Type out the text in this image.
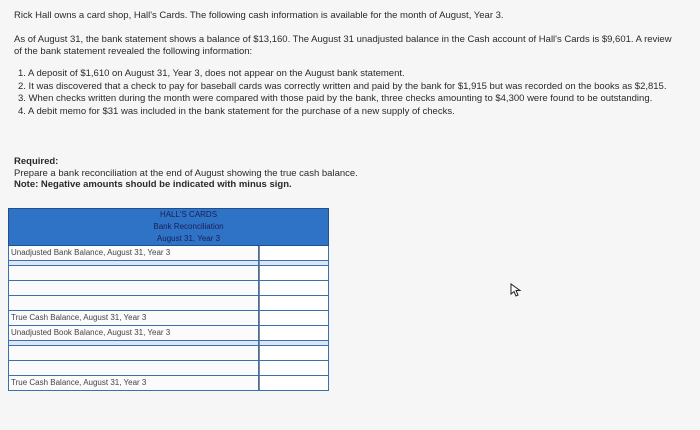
Rick Hall owns a card shop, Hall's Cards. The following cash information is available for the month of August, Year 3.

As of August 31, the bank statement shows a balance of $13,160. The August 31 unadjusted balance in the Cash account of Hall's Cards is $9,601. A review of the bank statement revealed the following information:

1. A deposit of $1,610 on August 31, Year 3, does not appear on the August bank statement.
2. It was discovered that a check to pay for baseball cards was correctly written and paid by the bank for $1,915 but was recorded on the books as $2,815.
3. When checks written during the month were compared with those paid by the bank, three checks amounting to $4,300 were found to be outstanding.
4. A debit memo for $31 was included in the bank statement for the purchase of a new supply of checks.
Required:
Prepare a bank reconciliation at the end of August showing the true cash balance.
Note: Negative amounts should be indicated with minus sign.
HALL'S CARDS
Bank Reconciliation
August 31, Year 3
Unadjusted Bank Balance, August 31, Year 3
True Cash Balance, August 31, Year 3
Unadjusted Book Balance, August 31, Year 3
True Cash Balance, August 31, Year 3
